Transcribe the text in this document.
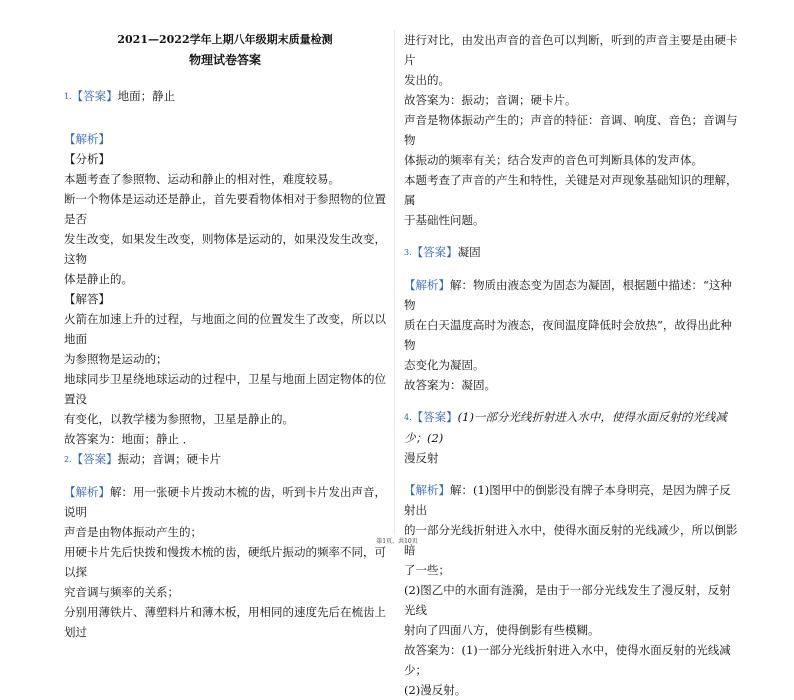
2021—2022学年上期八年级期末质量检测
物理试卷答案
1.【答案】地面；静止
【解析】
【分析】
本题考查了参照物、运动和静止的相对性，难度较易。
断一个物体是运动还是静止，首先要看物体相对于参照物的位置是否
发生改变，如果发生改变，则物体是运动的，如果没发生改变，这物
体是静止的。
【解答】
火箭在加速上升的过程，与地面之间的位置发生了改变，所以以地面
为参照物是运动的；
地球同步卫星绕地球运动的过程中，卫星与地面上固定物体的位置没
有变化，以教学楼为参照物，卫星是静止的。
故答案为：地面；静止 ．
2.【答案】振动；音调；硬卡片
【解析】解：用一张硬卡片拨动木梳的齿，听到卡片发出声音，说明
声音是由物体振动产生的；
用硬卡片先后快拨和慢拨木梳的齿，硬纸片振动的频率不同，可以探
究音调与频率的关系；
分别用薄铁片、薄塑料片和薄木板，用相同的速度先后在梳齿上划过
进行对比，由发出声音的音色可以判断，听到的声音主要是由硬卡片
发出的。
故答案为：振动；音调；硬卡片。
声音是物体振动产生的；声音的特征：音调、响度、音色；音调与物
体振动的频率有关；结合发声的音色可判断具体的发声体。
本题考查了声音的产生和特性，关键是对声现象基础知识的理解，属
于基础性问题。
3.【答案】凝固
【解析】解：物质由液态变为固态为凝固，根据题中描述：“这种物
质在白天温度高时为液态，夜间温度降低时会放热”，故得出此种物
态变化为凝固。
故答案为：凝固。
4.【答案】(1)一部分光线折射进入水中，使得水面反射的光线减少；(2)
漫反射
【解析】解：(1)图甲中的倒影没有牌子本身明亮，是因为牌子反射出
的一部分光线折射进入水中，使得水面反射的光线减少，所以倒影暗
了一些；
(2)图乙中的水面有涟漪，是由于一部分光线发生了漫反射，反射光线
射向了四面八方，使得倒影有些模糊。
故答案为：(1)一部分光线折射进入水中，使得水面反射的光线减少；
(2)漫反射。
第1页，共10页
